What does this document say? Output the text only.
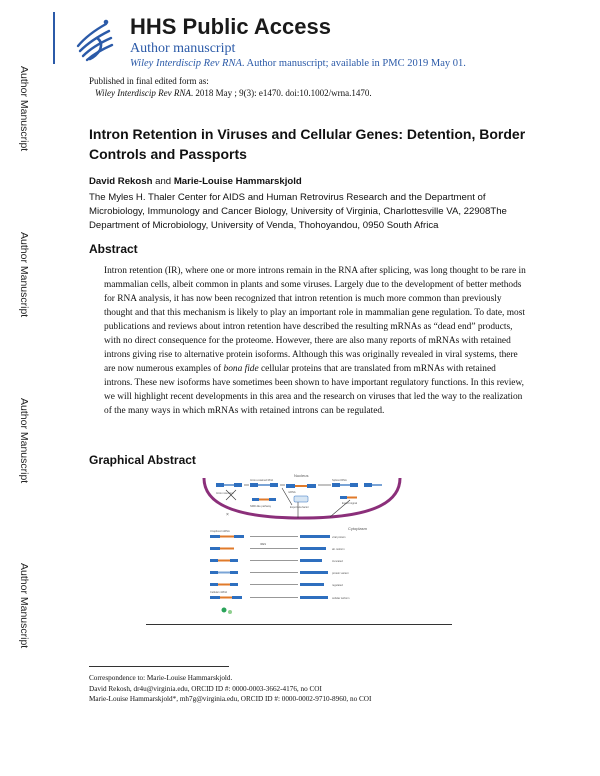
Author Manuscript
Author Manuscript
Author Manuscript
Author Manuscript
HHS Public Access
Author manuscript
Wiley Interdiscip Rev RNA. Author manuscript; available in PMC 2019 May 01.
Published in final edited form as:
Wiley Interdiscip Rev RNA. 2018 May ; 9(3): e1470. doi:10.1002/wrna.1470.
Intron Retention in Viruses and Cellular Genes: Detention, Border Controls and Passports
David Rekosh and Marie-Louise Hammarskjold
The Myles H. Thaler Center for AIDS and Human Retrovirus Research and the Department of Microbiology, Immunology and Cancer Biology, University of Virginia, Charlottesville VA, 22908The Department of Microbiology, University of Venda, Thohoyandou, 0950 South Africa
Abstract
Intron retention (IR), where one or more introns remain in the RNA after splicing, was long thought to be rare in mammalian cells, albeit common in plants and some viruses. Largely due to the development of better methods for RNA analysis, it has now been recognized that intron retention is much more common than previously thought and that this mechanism is likely to play an important role in mammalian gene regulation. To date, most publications and reviews about intron retention have described the resulting mRNAs as “dead end” products, with no direct consequence for the proteome. However, there are also many reports of mRNAs with retained introns giving rise to alternative protein isoforms. Although this was originally revealed in viral systems, there are now numerous examples of bona fide cellular proteins that are translated from mRNAs with retained introns. These new isoforms have sometimes been shown to have important regulatory functions. In this review, we will highlight recent developments in this area and the research on viruses that led the way to the realization of the many ways in which mRNAs with retained introns can be regulated.
Graphical Abstract
Nucleus
Cytoplasm
Intron retention
Intron-retained RNA
mRNA
Spliced RNA
NMD-like pathway	Export via factor
Export signal
×
Unspliced mRNA
viral protein
IRES
alt. isoform
truncated
protein variant
regulated
Cellular mRNA
cellular isoform
Correspondence to: Marie-Louise Hammarskjold.
David Rekosh, dr4u@virginia.edu, ORCID ID #: 0000-0003-3662-4176, no COI
Marie-Louise Hammarskjold*, mh7g@virginia.edu, ORCID ID #: 0000-0002-9710-8960, no COI
